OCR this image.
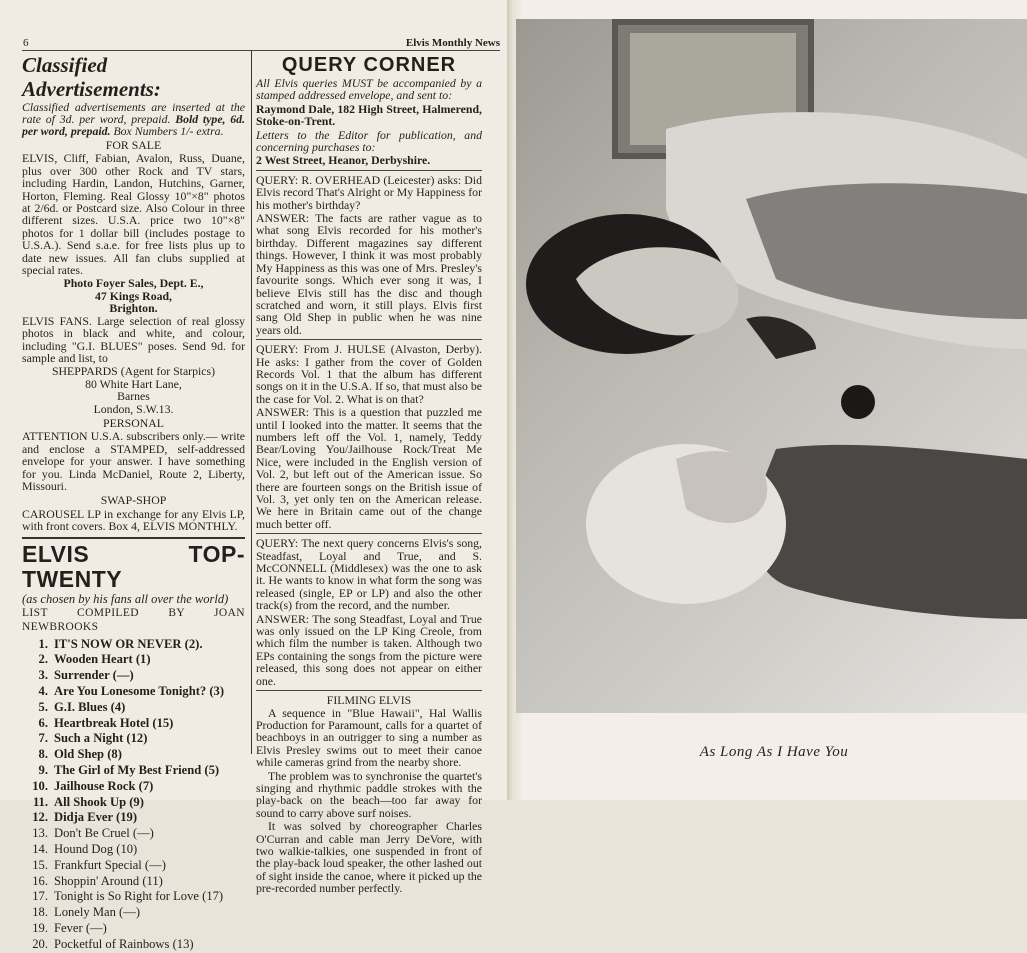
6	Elvis Monthly News
Classified Advertisements:

Classified advertisements are inserted at the rate of 3d. per word, prepaid. Bold type, 6d. per word, prepaid. Box Numbers 1/- extra.

FOR SALE

ELVIS, Cliff, Fabian, Avalon, Russ, Duane, plus over 300 other Rock and TV stars, including Hardin, Landon, Hutchins, Garner, Horton, Fleming. Real Glossy 10"×8" photos at 2/6d. or Postcard size. Also Colour in three different sizes. U.S.A. price two 10"×8" photos for 1 dollar bill (includes postage to U.S.A.). Send s.a.e. for free lists plus up to date new issues. All fan clubs supplied at special rates.

Photo Foyer Sales, Dept. E.,
47 Kings Road,
Brighton.

ELVIS FANS. Large selection of real glossy photos in black and white, and colour, including "G.I. BLUES" poses. Send 9d. for sample and list, to

SHEPPARDS (Agent for Starpics)
80 White Hart Lane,
Barnes
London, S.W.13.
PERSONAL

ATTENTION U.S.A. subscribers only.— write and enclose a STAMPED, self-addressed envelope for your answer. I have something for you. Linda McDaniel, Route 2, Liberty, Missouri.

SWAP-SHOP

CAROUSEL LP in exchange for any Elvis LP, with front covers. Box 4, ELVIS MONTHLY.

ELVIS TOP-TWENTY
(as chosen by his fans all over the world)
LIST COMPILED BY JOAN NEWBROOKS
1. IT'S NOW OR NEVER (2).
2. Wooden Heart (1)
3. Surrender (—)
4. Are You Lonesome Tonight? (3)
5. G.I. Blues (4)
6. Heartbreak Hotel (15)
7. Such a Night (12)
8. Old Shep (8)
9. The Girl of My Best Friend (5)
10. Jailhouse Rock (7)
11. All Shook Up (9)
12. Didja Ever (19)
13. Don't Be Cruel (—)
14. Hound Dog (10)
15. Frankfurt Special (—)
16. Shoppin' Around (11)
17. Tonight is So Right for Love (17)
18. Lonely Man (—)
19. Fever (—)
20. Pocketful of Rainbows (13)
QUERY CORNER

All Elvis queries MUST be accompanied by a stamped addressed envelope, and sent to:

Raymond Dale, 182 High Street, Halmerend, Stoke-on-Trent.

Letters to the Editor for publication, and concerning purchases to:

2 West Street, Heanor, Derbyshire.

QUERY: R. OVERHEAD (Leicester) asks: Did Elvis record That's Alright or My Happiness for his mother's birthday?

ANSWER: The facts are rather vague as to what song Elvis recorded for his mother's birthday. Different magazines say different things. However, I think it was most probably My Happiness as this was one of Mrs. Presley's favourite songs. Which ever song it was, I believe Elvis still has the disc and though scratched and worn, it still plays. Elvis first sang Old Shep in public when he was nine years old.

QUERY: From J. HULSE (Alvaston, Derby). He asks: I gather from the cover of Golden Records Vol. 1 that the album has different songs on it in the U.S.A. If so, that must also be the case for Vol. 2. What is on that?

ANSWER: This is a question that puzzled me until I looked into the matter. It seems that the numbers left off the Vol. 1, namely, Teddy Bear/Loving You/Jailhouse Rock/Treat Me Nice, were included in the English version of Vol. 2, but left out of the American issue. So there are fourteen songs on the British issue of Vol. 3, yet only ten on the American release. We here in Britain came out of the change much better off.

QUERY: The next query concerns Elvis's song, Steadfast, Loyal and True, and S. McCONNELL (Middlesex) was the one to ask it. He wants to know in what form the song was released (single, EP or LP) and also the other track(s) from the record, and the number.

ANSWER: The song Steadfast, Loyal and True was only issued on the LP King Creole, from which film the number is taken. Although two EPs containing the songs from the picture were released, this song does not appear on either one.

FILMING ELVIS

A sequence in "Blue Hawaii", Hal Wallis Production for Paramount, calls for a quartet of beachboys in an outrigger to sing a number as Elvis Presley swims out to meet their canoe while cameras grind from the nearby shore.

The problem was to synchronise the quartet's singing and rhythmic paddle strokes with the play-back on the beach—too far away for sound to carry above surf noises.

It was solved by choreographer Charles O'Curran and cable man Jerry DeVore, with two walkie-talkies, one suspended in front of the play-back loud speaker, the other lashed out of sight inside the canoe, where it picked up the pre-recorded number perfectly.

As Long As I Have You
